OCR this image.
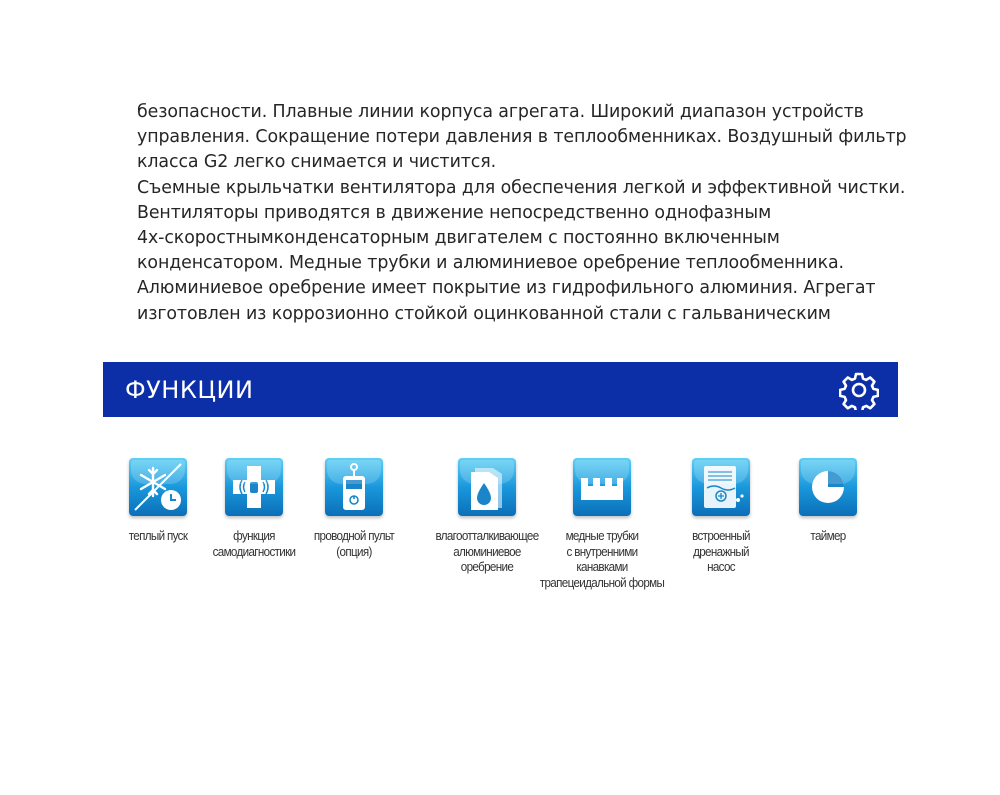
безопасности. Плавные линии корпуса агрегата. Широкий диапазон устройств
управления. Сокращение потери давления в теплообменниках. Воздушный фильтр
класса G2 легко снимается и чистится.
Съемные крыльчатки вентилятора для обеспечения легкой и эффективной чистки.
Вентиляторы приводятся в движение непосредственно однофазным
4х-скоростнымконденсаторным двигателем с постоянно включенным
конденсатором. Медные трубки и алюминиевое оребрение теплообменника.
Алюминиевое оребрение имеет покрытие из гидрофильного алюминия. Агрегат
изготовлен из коррозионно стойкой оцинкованной стали с гальваническим
ФУНКЦИИ
теплый пуск	функция
самодиагностики
проводной пульт
(опция)
влагоотталкивающее
алюминиевое
оребрение
медные трубки
с внутренними
канавками
трапецеидальной формы
встроенный
дренажный
насос
таймер
